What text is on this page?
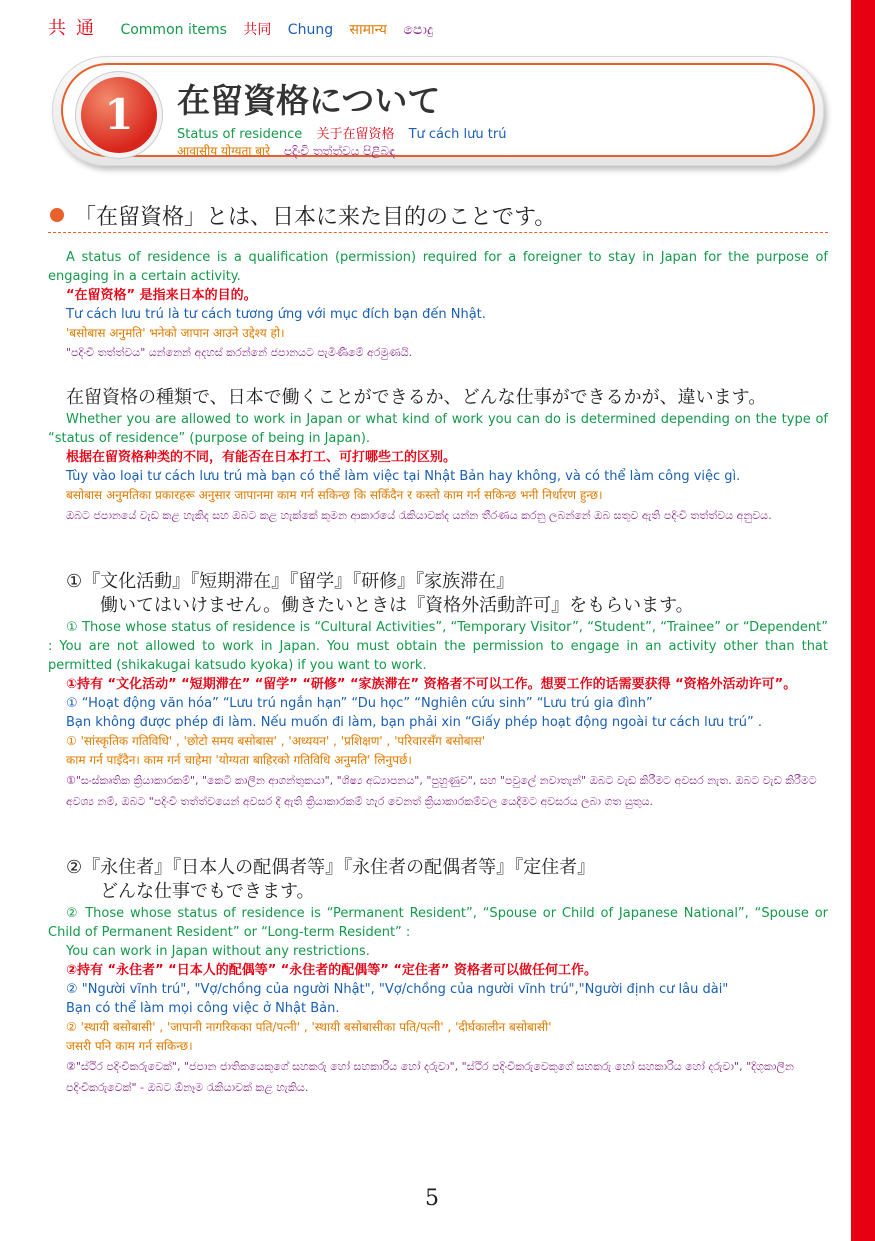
共通 Common items 共同 Chung सामान्य පොදු
1	在留資格について
Status of residence 关于在留资格 Tư cách lưu trú
आवासीय योग्यता बारे පදිංචි තත්ත්වය පිළිබඳ
「在留資格」とは、日本に来た目的のことです。

A status of residence is a qualification (permission) required for a foreigner to stay in Japan for the purpose of engaging in a certain activity.

“在留资格” 是指来日本的目的。

Tư cách lưu trú là tư cách tương ứng với mục đích bạn đến Nhật.

'बसोबास अनुमति' भनेको जापान आउने उद्देश्य हो।

"පදිංචි තත්ත්වය" යන්නෙන් අදහස් කරන්නේ ජපානයට පැමිණීමේ අරමුණයි.

在留資格の種類で、日本で働くことができるか、どんな仕事ができるかが、違います。

Whether you are allowed to work in Japan or what kind of work you can do is determined depending on the type of “status of residence” (purpose of being in Japan).

根据在留资格种类的不同，有能否在日本打工、可打哪些工的区别。

Tùy vào loại tư cách lưu trú mà bạn có thể làm việc tại Nhật Bản hay không, và có thể làm công việc gì.

बसोबास अनुमतिका प्रकारहरू अनुसार जापानमा काम गर्न सकिन्छ कि सकिँदैन र कस्तो काम गर्न सकिन्छ भनी निर्धारण हुन्छ।

ඔබට ජපානයේ වැඩ කළ හැකිද සහ ඔබට කළ හැක්කේ කුමන ආකාරයේ රැකියාවක්ද යන්න තීරණය කරනු ලබන්නේ ඔබ සතුව ඇති පදිංචි තත්ත්වය අනුවය.

①『文化活動』『短期滞在』『留学』『研修』『家族滞在』

働いてはいけません。働きたいときは『資格外活動許可』をもらいます。

① Those whose status of residence is “Cultural Activities”, “Temporary Visitor”, “Student”, “Trainee” or “Dependent” : You are not allowed to work in Japan. You must obtain the permission to engage in an activity other than that permitted (shikakugai katsudo kyoka) if you want to work.

①持有 “文化活动” “短期滞在” “留学” “研修” “家族滞在” 资格者不可以工作。想要工作的话需要获得 “资格外活动许可”。

① “Hoạt động văn hóa” “Lưu trú ngắn hạn” “Du học” “Nghiên cứu sinh” “Lưu trú gia đình”

Bạn không được phép đi làm. Nếu muốn đi làm, bạn phải xin “Giấy phép hoạt động ngoài tư cách lưu trú” .

① 'सांस्कृतिक गतिविधि' , 'छोटो समय बसोबास' , 'अध्ययन' , 'प्रशिक्षण' , 'परिवारसँग बसोबास'

काम गर्न पाइँदैन। काम गर्न चाहेमा 'योग्यता बाहिरको गतिविधि अनुमति' लिनुपर्छ।

①"සංස්කෘතික ක්‍රියාකාරකම්", "කෙටි කාලීන ආගන්තුකයා", "ශිෂ්‍ය අධ්‍යාපනය", "පුහුණුව", සහ "පවුලේ නවාතැන්" ඔබට වැඩ කිරීමට අවසර නැත. ඔබට වැඩ කිරීමට අවශ්‍ය නම්, ඔබට "පදිංචි තත්ත්වයෙන් අවසර දී ඇති ක්‍රියාකාරකම් හැර වෙනත් ක්‍රියාකාරකම්වල යෙදීමට අවසරය ලබා ගත යුතුය.

②『永住者』『日本人の配偶者等』『永住者の配偶者等』『定住者』

どんな仕事でもできます。

② Those whose status of residence is “Permanent Resident”, “Spouse or Child of Japanese National”, “Spouse or Child of Permanent Resident” or “Long-term Resident” :

You can work in Japan without any restrictions.

②持有 “永住者” “日本人的配偶等” “永住者的配偶等” “定住者” 资格者可以做任何工作。

② "Người vĩnh trú", "Vợ/chồng của người Nhật", "Vợ/chồng của người vĩnh trú","Người định cư lâu dài"

Bạn có thể làm mọi công việc ở Nhật Bản.

② 'स्थायी बसोबासी' , 'जापानी नागरिकका पति/पत्नी' , 'स्थायी बसोबासीका पति/पत्नी' , 'दीर्घकालीन बसोबासी'

जसरी पनि काम गर्न सकिन्छ।

②"ස්ථිර පදිංචිකරුවෙක්", "ජපාන ජාතිකයෙකුගේ සහකරු හෝ සහකාරිය හෝ දරුවා", "ස්ථිර පදිංචිකරුවෙකුගේ සහකරු හෝ සහකාරිය හෝ දරුවා", "දිගුකාලීන පදිංචිකරුවෙක්" - ඔබට ඕනෑම රැකියාවක් කළ හැකිය.

5
